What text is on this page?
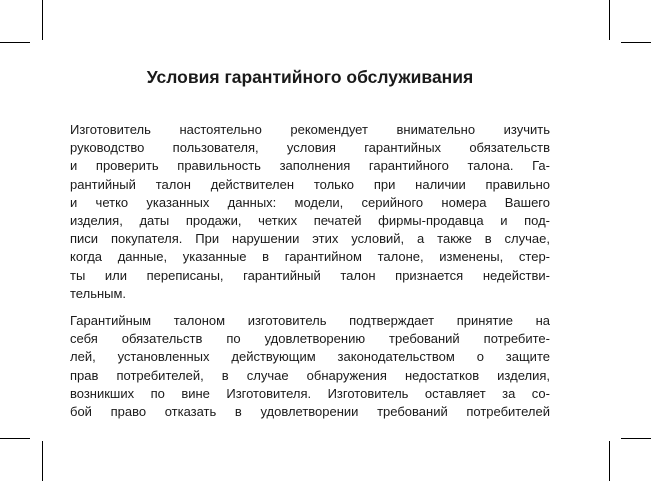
Условия гарантийного обслуживания

Изготовитель настоятельно рекомендует внимательно изучить
руководство пользователя, условия гарантийных обязательств
и проверить правильность заполнения гарантийного талона. Га-
рантийный талон действителен только при наличии правильно
и четко указанных данных: модели, серийного номера Вашего
изделия, даты продажи, четких печатей фирмы-продавца и под-
писи покупателя. При нарушении этих условий, а также в случае,
когда данные, указанные в гарантийном талоне, изменены, стер-
ты или переписаны, гарантийный талон признается недействи-
тельным.

Гарантийным талоном изготовитель подтверждает принятие на
себя обязательств по удовлетворению требований потребите-
лей, установленных действующим законодательством о защите
прав потребителей, в случае обнаружения недостатков изделия,
возникших по вине Изготовителя. Изготовитель оставляет за со-
бой право отказать в удовлетворении требований потребителей
